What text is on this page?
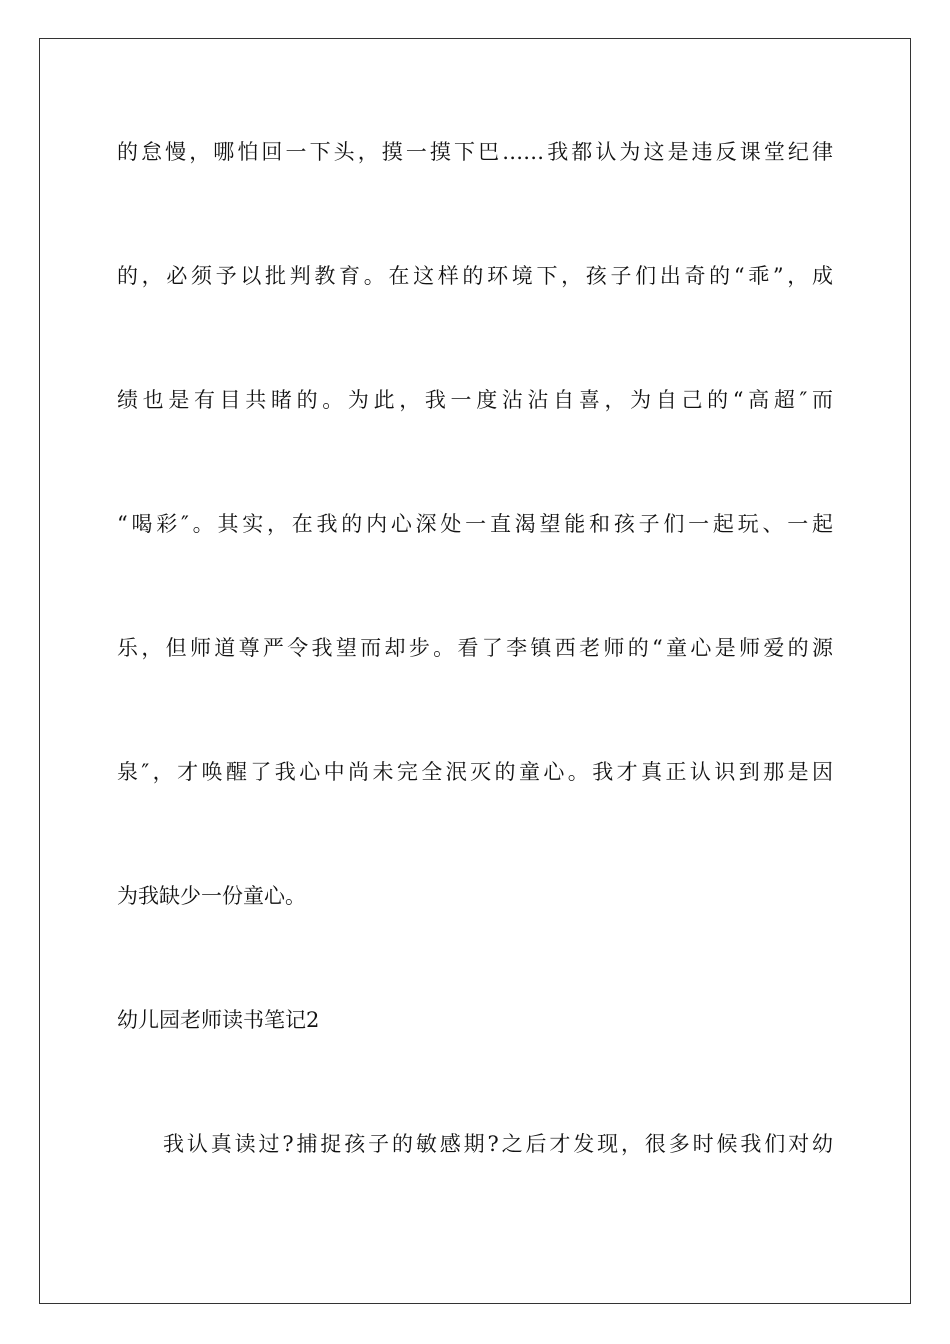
的怠慢，哪怕回一下头，摸一摸下巴……我都认为这是违反课堂纪律
的，必须予以批判教育。在这样的环境下，孩子们出奇的“乖”，成
绩也是有目共睹的。为此，我一度沾沾自喜，为自己的“高超″而
“喝彩″。其实，在我的内心深处一直渴望能和孩子们一起玩、一起
乐，但师道尊严令我望而却步。看了李镇西老师的“童心是师爱的源
泉″，才唤醒了我心中尚未完全泯灭的童心。我才真正认识到那是因
为我缺少一份童心。
幼儿园老师读书笔记2
我认真读过?捕捉孩子的敏感期?之后才发现，很多时候我们对幼
